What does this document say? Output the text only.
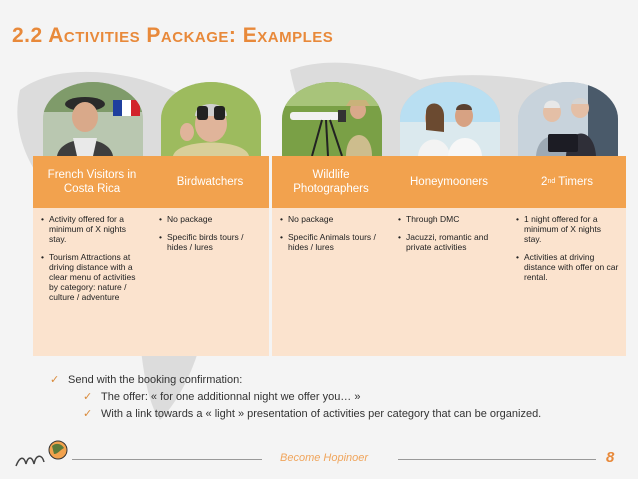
2.2 Activities Package: Examples
French Visitors in Costa Rica
• Activity offered for a minimum of X nights stay.
• Tourism Attractions at driving distance with a clear menu of activities by category: nature / culture / adventure
Birdwatchers
• No package
• Specific birds tours / hides / lures
Wildlife Photographers
• No package
• Specific Animals tours / hides / lures
Honeymooners
• Through DMC
• Jacuzzi, romantic and private activities
2 nd Timers
• 1 night offered for a minimum of X nights stay.
• Activities at driving distance with offer on car rental.
✓ Send with the booking confirmation:
✓ The offer: « for one additionnal night we offer you… »
✓ With a link towards a « light » presentation of activities per category that can be organized.
Become Hopinoer	8
